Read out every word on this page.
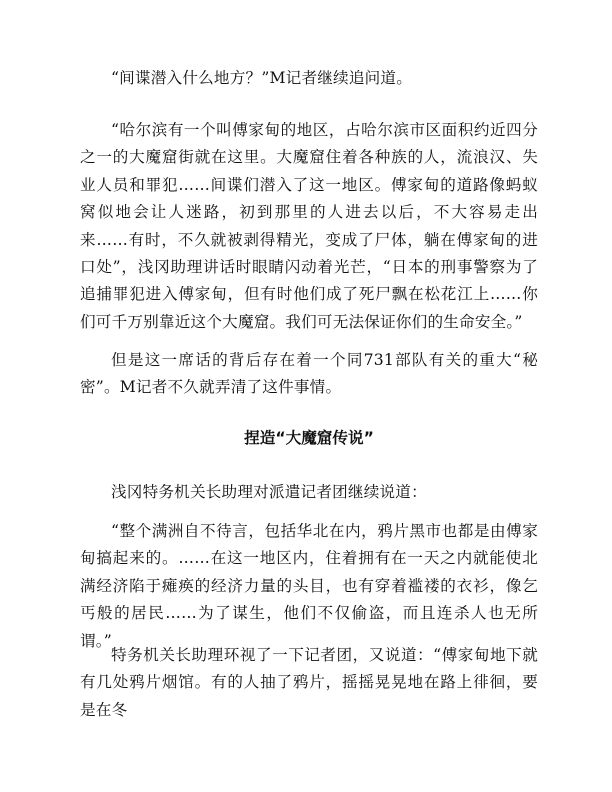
“间谍潜入什么地方？”M记者继续追问道。

“哈尔滨有一个叫傅家甸的地区，占哈尔滨市区面积约近四分之一的大魔窟街就在这里。大魔窟住着各种族的人，流浪汉、失业人员和罪犯……间谍们潜入了这一地区。傅家甸的道路像蚂蚁窝似地会让人迷路，初到那里的人进去以后，不大容易走出来……有时，不久就被剥得精光，变成了尸体，躺在傅家甸的进口处”，浅冈助理讲话时眼睛闪动着光芒，“日本的刑事警察为了追捕罪犯进入傅家甸，但有时他们成了死尸飘在松花江上……你们可千万别靠近这个大魔窟。我们可无法保证你们的生命安全。”

但是这一席话的背后存在着一个同731部队有关的重大“秘密”。M记者不久就弄清了这件事情。

捏造“大魔窟传说”

浅冈特务机关长助理对派遣记者团继续说道：

“整个满洲自不待言，包括华北在内，鸦片黑市也都是由傅家甸搞起来的。……在这一地区内，住着拥有在一天之内就能使北满经济陷于瘫痪的经济力量的头目，也有穿着褴褛的衣衫，像乞丐般的居民……为了谋生，他们不仅偷盗，而且连杀人也无所谓。”

特务机关长助理环视了一下记者团，又说道：“傅家甸地下就有几处鸦片烟馆。有的人抽了鸦片，摇摇晃晃地在路上徘徊，要是在冬
